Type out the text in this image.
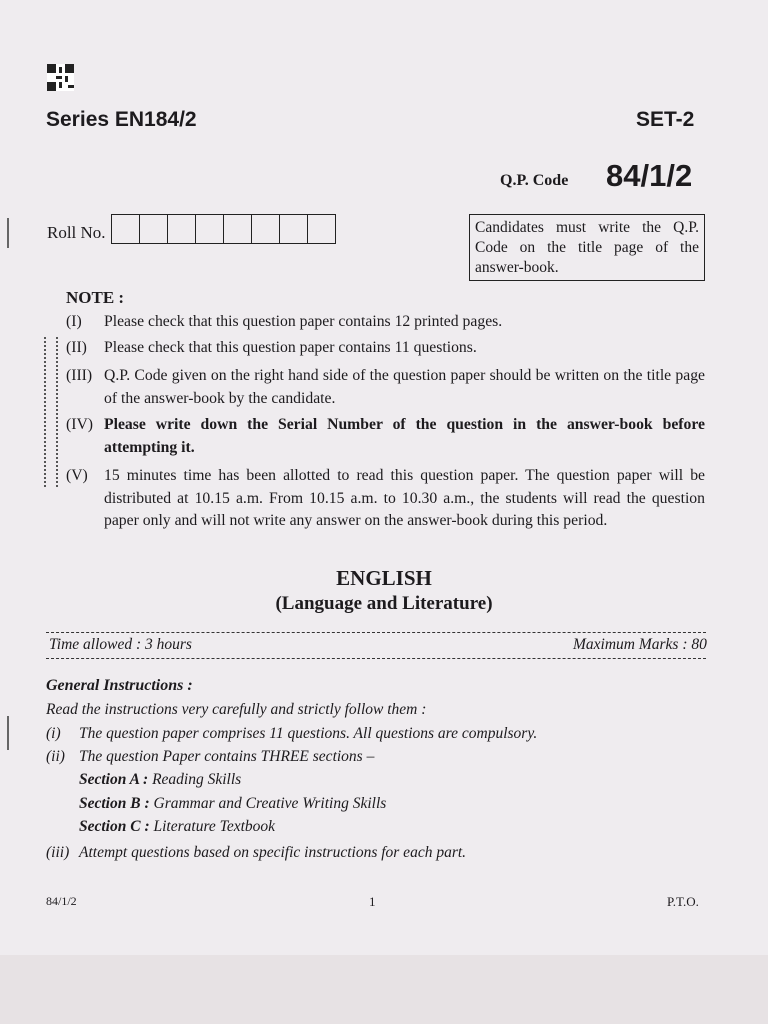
Series EN184/2	SET-2
Q.P. Code 84/1/2
Roll No.	Candidates must write the Q.P. Code on the title page of the answer-book.
NOTE :
(I) Please check that this question paper contains 12 printed pages.
(II) Please check that this question paper contains 11 questions.
(III) Q.P. Code given on the right hand side of the question paper should be written on the title page of the answer-book by the candidate.
(IV) Please write down the Serial Number of the question in the answer-book before attempting it.
(V) 15 minutes time has been allotted to read this question paper. The question paper will be distributed at 10.15 a.m. From 10.15 a.m. to 10.30 a.m., the students will read the question paper only and will not write any answer on the answer-book during this period.
ENGLISH
(Language and Literature)
Time allowed : 3 hours	Maximum Marks : 80
General Instructions :
Read the instructions very carefully and strictly follow them :
(i) The question paper comprises 11 questions. All questions are compulsory.
(ii) The question Paper contains THREE sections –
Section A : Reading Skills
Section B : Grammar and Creative Writing Skills
Section C : Literature Textbook
(iii) Attempt questions based on specific instructions for each part.
84/1/2	1	P.T.O.
